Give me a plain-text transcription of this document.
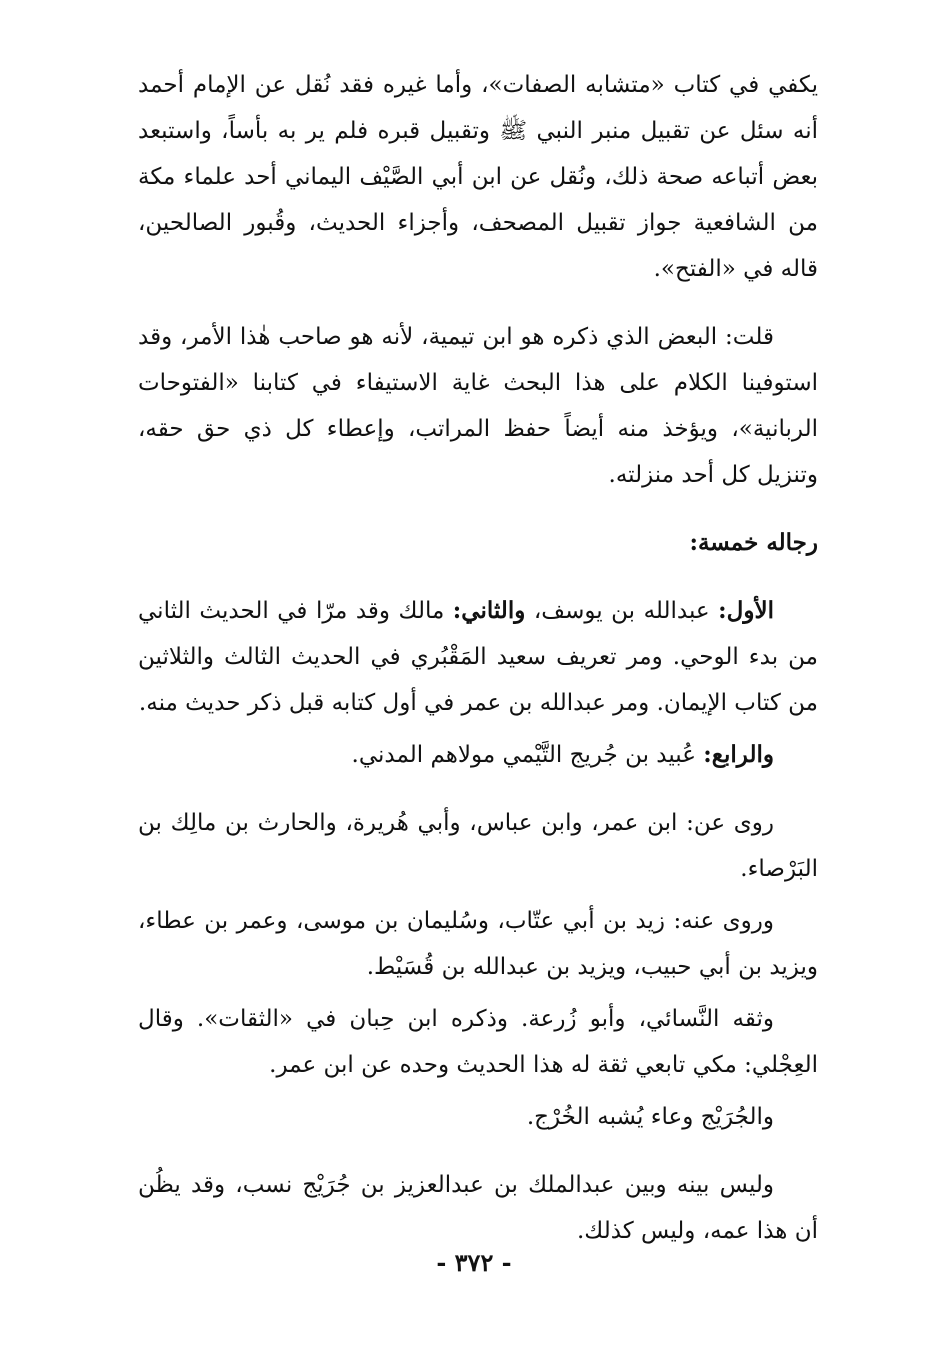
يكفي في كتاب «متشابه الصفات»، وأما غيره فقد نُقل عن الإمام أحمد أنه سئل عن تقبيل منبر النبي ﷺ وتقبيل قبره فلم ير به بأساً، واستبعد بعض أتباعه صحة ذلك، ونُقل عن ابن أبي الصَّيْف اليماني أحد علماء مكة من الشافعية جواز تقبيل المصحف، وأجزاء الحديث، وقُبور الصالحين، قاله في «الفتح».

قلت: البعض الذي ذكره هو ابن تيمية، لأنه هو صاحب هٰذا الأمر، وقد استوفينا الكلام على هذا البحث غاية الاستيفاء في كتابنا «الفتوحات الربانية»، ويؤخذ منه أيضاً حفظ المراتب، وإعطاء كل ذي حق حقه، وتنزيل كل أحد منزلته.

رجاله خمسة:

الأول: عبدالله بن يوسف، والثاني: مالك وقد مرّا في الحديث الثاني من بدء الوحي. ومر تعريف سعيد المَقْبُري في الحديث الثالث والثلاثين من كتاب الإيمان. ومر عبدالله بن عمر في أول كتابه قبل ذكر حديث منه.

والرابع: عُبيد بن جُريج التَّيْمي مولاهم المدني.

روى عن: ابن عمر، وابن عباس، وأبي هُريرة، والحارث بن مالِك بن البَرْصاء.

وروى عنه: زيد بن أبي عتّاب، وسُليمان بن موسى، وعمر بن عطاء، ويزيد بن أبي حبيب، ويزيد بن عبدالله بن قُسَيْط.

وثقه النَّسائي، وأبو زُرعة. وذكره ابن حِبان في «الثقات». وقال العِجْلي: مكي تابعي ثقة له هذا الحديث وحده عن ابن عمر.

والجُرَيْج وعاء يُشبه الخُرْج.

وليس بينه وبين عبدالملك بن عبدالعزيز بن جُرَيْج نسب، وقد يظُن أن هذا عمه، وليس كذلك.

- ٣٧٢ -
